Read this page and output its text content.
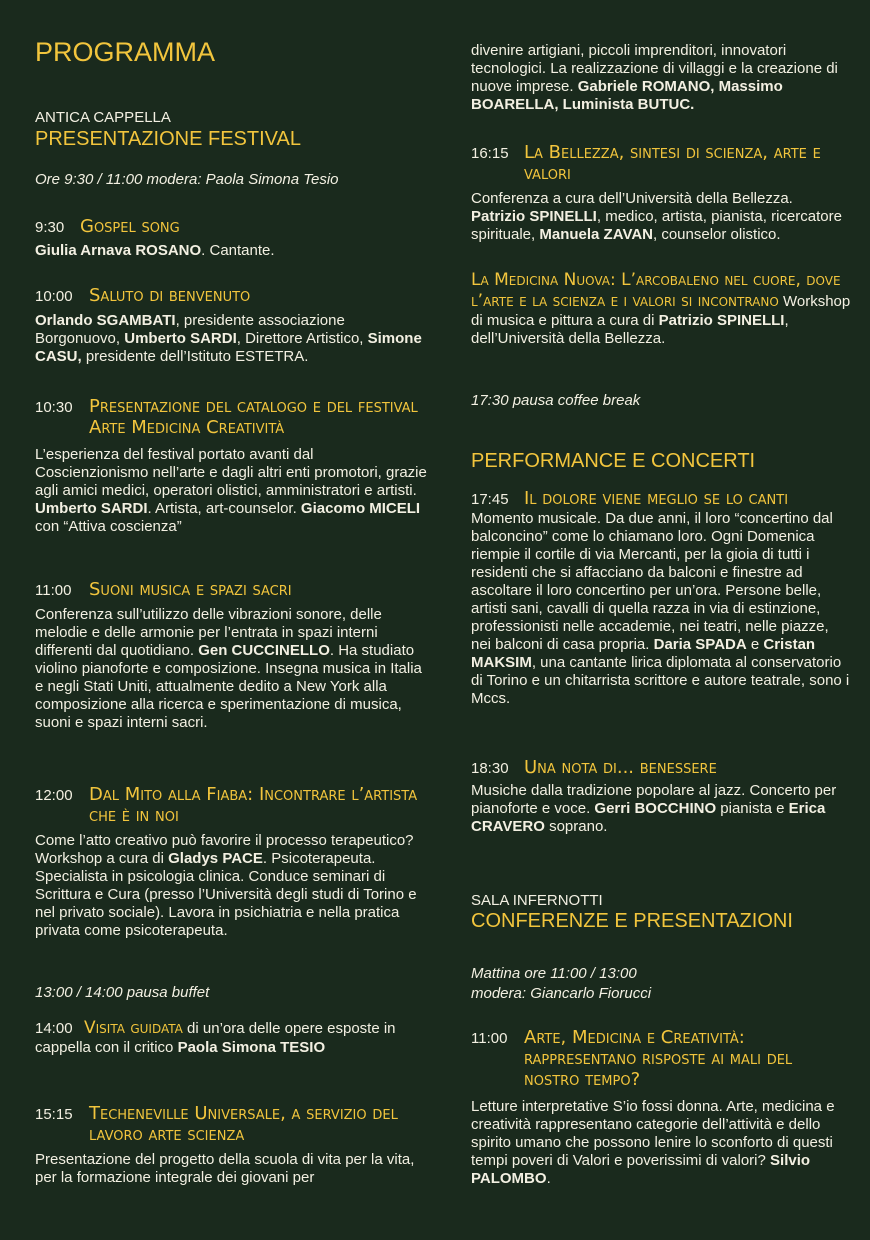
PROGRAMMA
ANTICA CAPPELLA
PRESENTAZIONE FESTIVAL
Ore 9:30 / 11:00 modera: Paola Simona Tesio
9:30 Gospel song
Giulia Arnava ROSANO. Cantante.
10:00 Saluto di benvenuto
Orlando SGAMBATI, presidente associazione Borgonuovo, Umberto SARDI, Direttore Artistico, Simone CASU, presidente dell’Istituto ESTETRA.
10:30 Presentazione del catalogo e del festival Arte Medicina Creatività
L’esperienza del festival portato avanti dal Coscienzionismo nell’arte e dagli altri enti promotori, grazie agli amici medici, operatori olistici, amministratori e artisti. Umberto SARDI. Artista, art-counselor. Giacomo MICELI con “Attiva coscienza”
11:00 Suoni musica e spazi sacri
Conferenza sull’utilizzo delle vibrazioni sonore, delle melodie e delle armonie per l’entrata in spazi interni differenti dal quotidiano. Gen CUCCINELLO. Ha studiato violino pianoforte e composizione. Insegna musica in Italia e negli Stati Uniti, attualmente dedito a New York alla composizione alla ricerca e sperimentazione di musica, suoni e spazi interni sacri.
12:00 Dal Mito alla Fiaba: Incontrare l’artista che è in noi
Come l’atto creativo può favorire il processo terapeutico? Workshop a cura di Gladys PACE. Psicoterapeuta. Specialista in psicologia clinica. Conduce seminari di Scrittura e Cura (presso l’Università degli studi di Torino e nel privato sociale). Lavora in psichiatria e nella pratica privata come psicoterapeuta.
13:00 / 14:00 pausa buffet
14:00 Visita guidata di un’ora delle opere esposte in cappella con il critico Paola Simona TESIO
15:15 Techeneville Universale, a servizio del lavoro arte scienza
Presentazione del progetto della scuola di vita per la vita, per la formazione integrale dei giovani per
divenire artigiani, piccoli imprenditori, innovatori tecnologici. La realizzazione di villaggi e la creazione di nuove imprese. Gabriele ROMANO, Massimo BOARELLA, Luminista BUTUC.
16:15 La Bellezza, sintesi di scienza, arte e valori
Conferenza a cura dell’Università della Bellezza. Patrizio SPINELLI, medico, artista, pianista, ricercatore spirituale, Manuela ZAVAN, counselor olistico.
La Medicina Nuova: L’arcobaleno nel cuore, dove l’arte e la scienza e i valori si incontrano Workshop di musica e pittura a cura di Patrizio SPINELLI, dell’Università della Bellezza.
17:30 pausa coffee break
PERFORMANCE E CONCERTI
17:45 Il dolore viene meglio se lo canti
Momento musicale. Da due anni, il loro “concertino dal balconcino” come lo chiamano loro. Ogni Domenica riempie il cortile di via Mercanti, per la gioia di tutti i residenti che si affacciano da balconi e finestre ad ascoltare il loro concertino per un’ora. Persone belle, artisti sani, cavalli di quella razza in via di estinzione, professionisti nelle accademie, nei teatri, nelle piazze, nei balconi di casa propria. Daria SPADA e Cristan MAKSIM, una cantante lirica diplomata al conservatorio di Torino e un chitarrista scrittore e autore teatrale, sono i Mccs.
18:30 Una nota di... benessere
Musiche dalla tradizione popolare al jazz. Concerto per pianoforte e voce. Gerri BOCCHINO pianista e Erica CRAVERO soprano.
SALA INFERNOTTI
CONFERENZE E PRESENTAZIONI
Mattina ore 11:00 / 13:00
modera: Giancarlo Fiorucci
11:00 Arte, Medicina e Creatività: rappresentano risposte ai mali del nostro tempo?
Letture interpretative S’io fossi donna. Arte, medicina e creatività rappresentano categorie dell’attività e dello spirito umano che possono lenire lo sconforto di questi tempi poveri di Valori e poverissimi di valori? Silvio PALOMBO.
